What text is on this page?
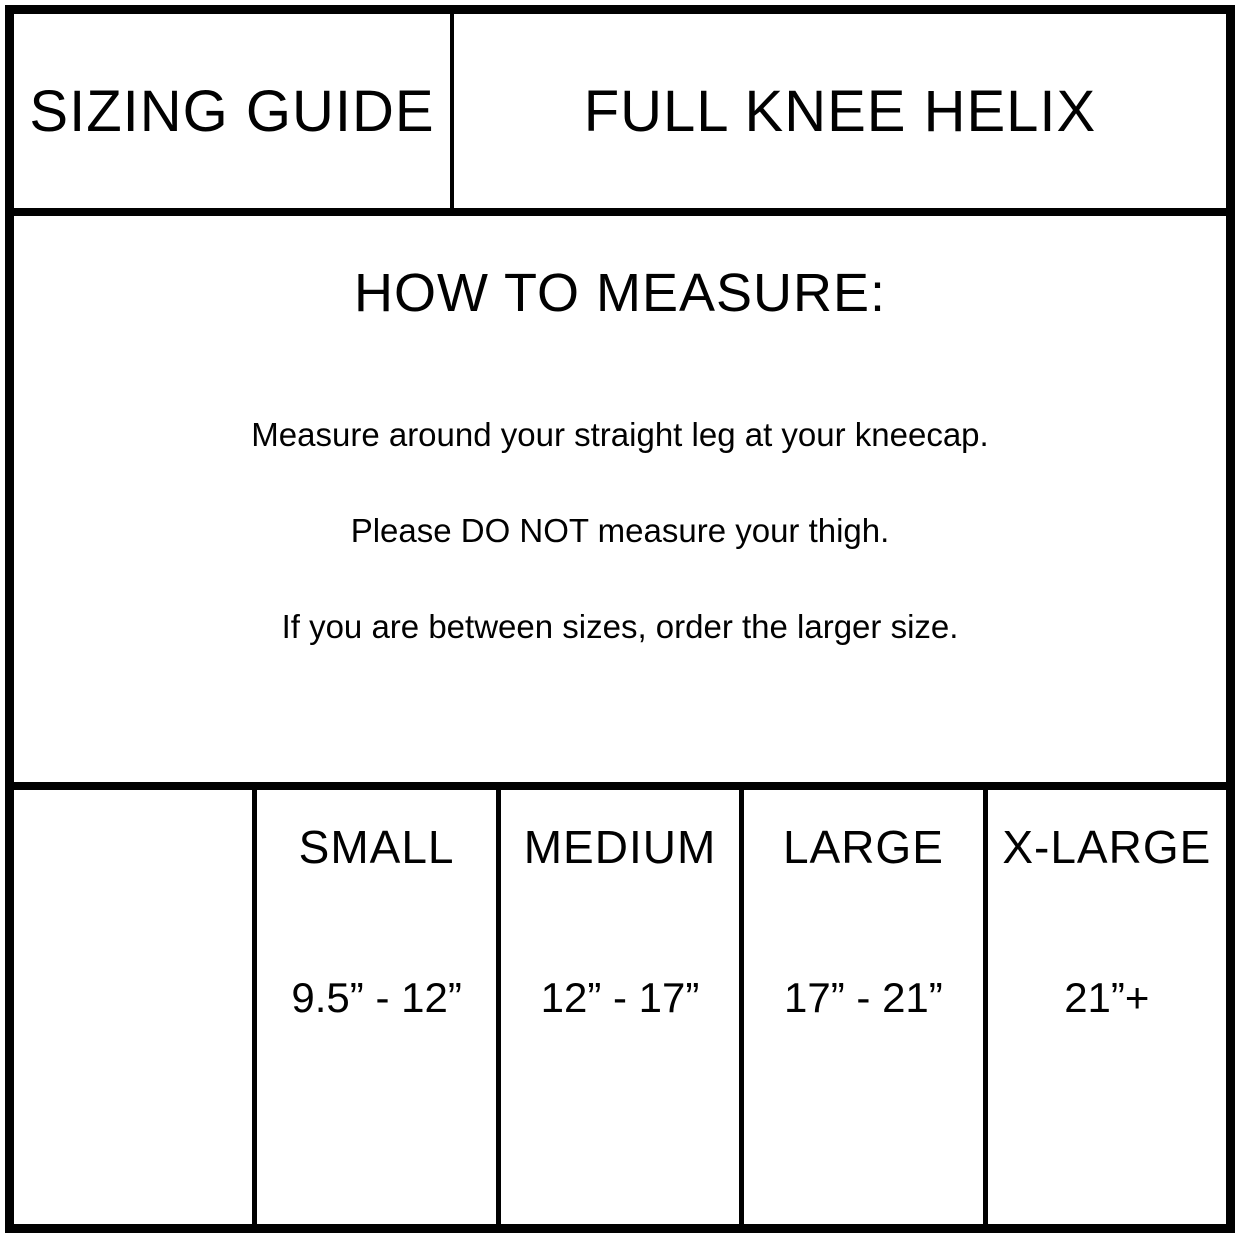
SIZING GUIDE	FULL KNEE HELIX
HOW TO MEASURE:

Measure around your straight leg at your kneecap.

Please DO NOT measure your thigh.

If you are between sizes, order the larger size.

SMALL
9.5” - 12”
MEDIUM
12” - 17”
LARGE
17” - 21”
X-LARGE
21”+
